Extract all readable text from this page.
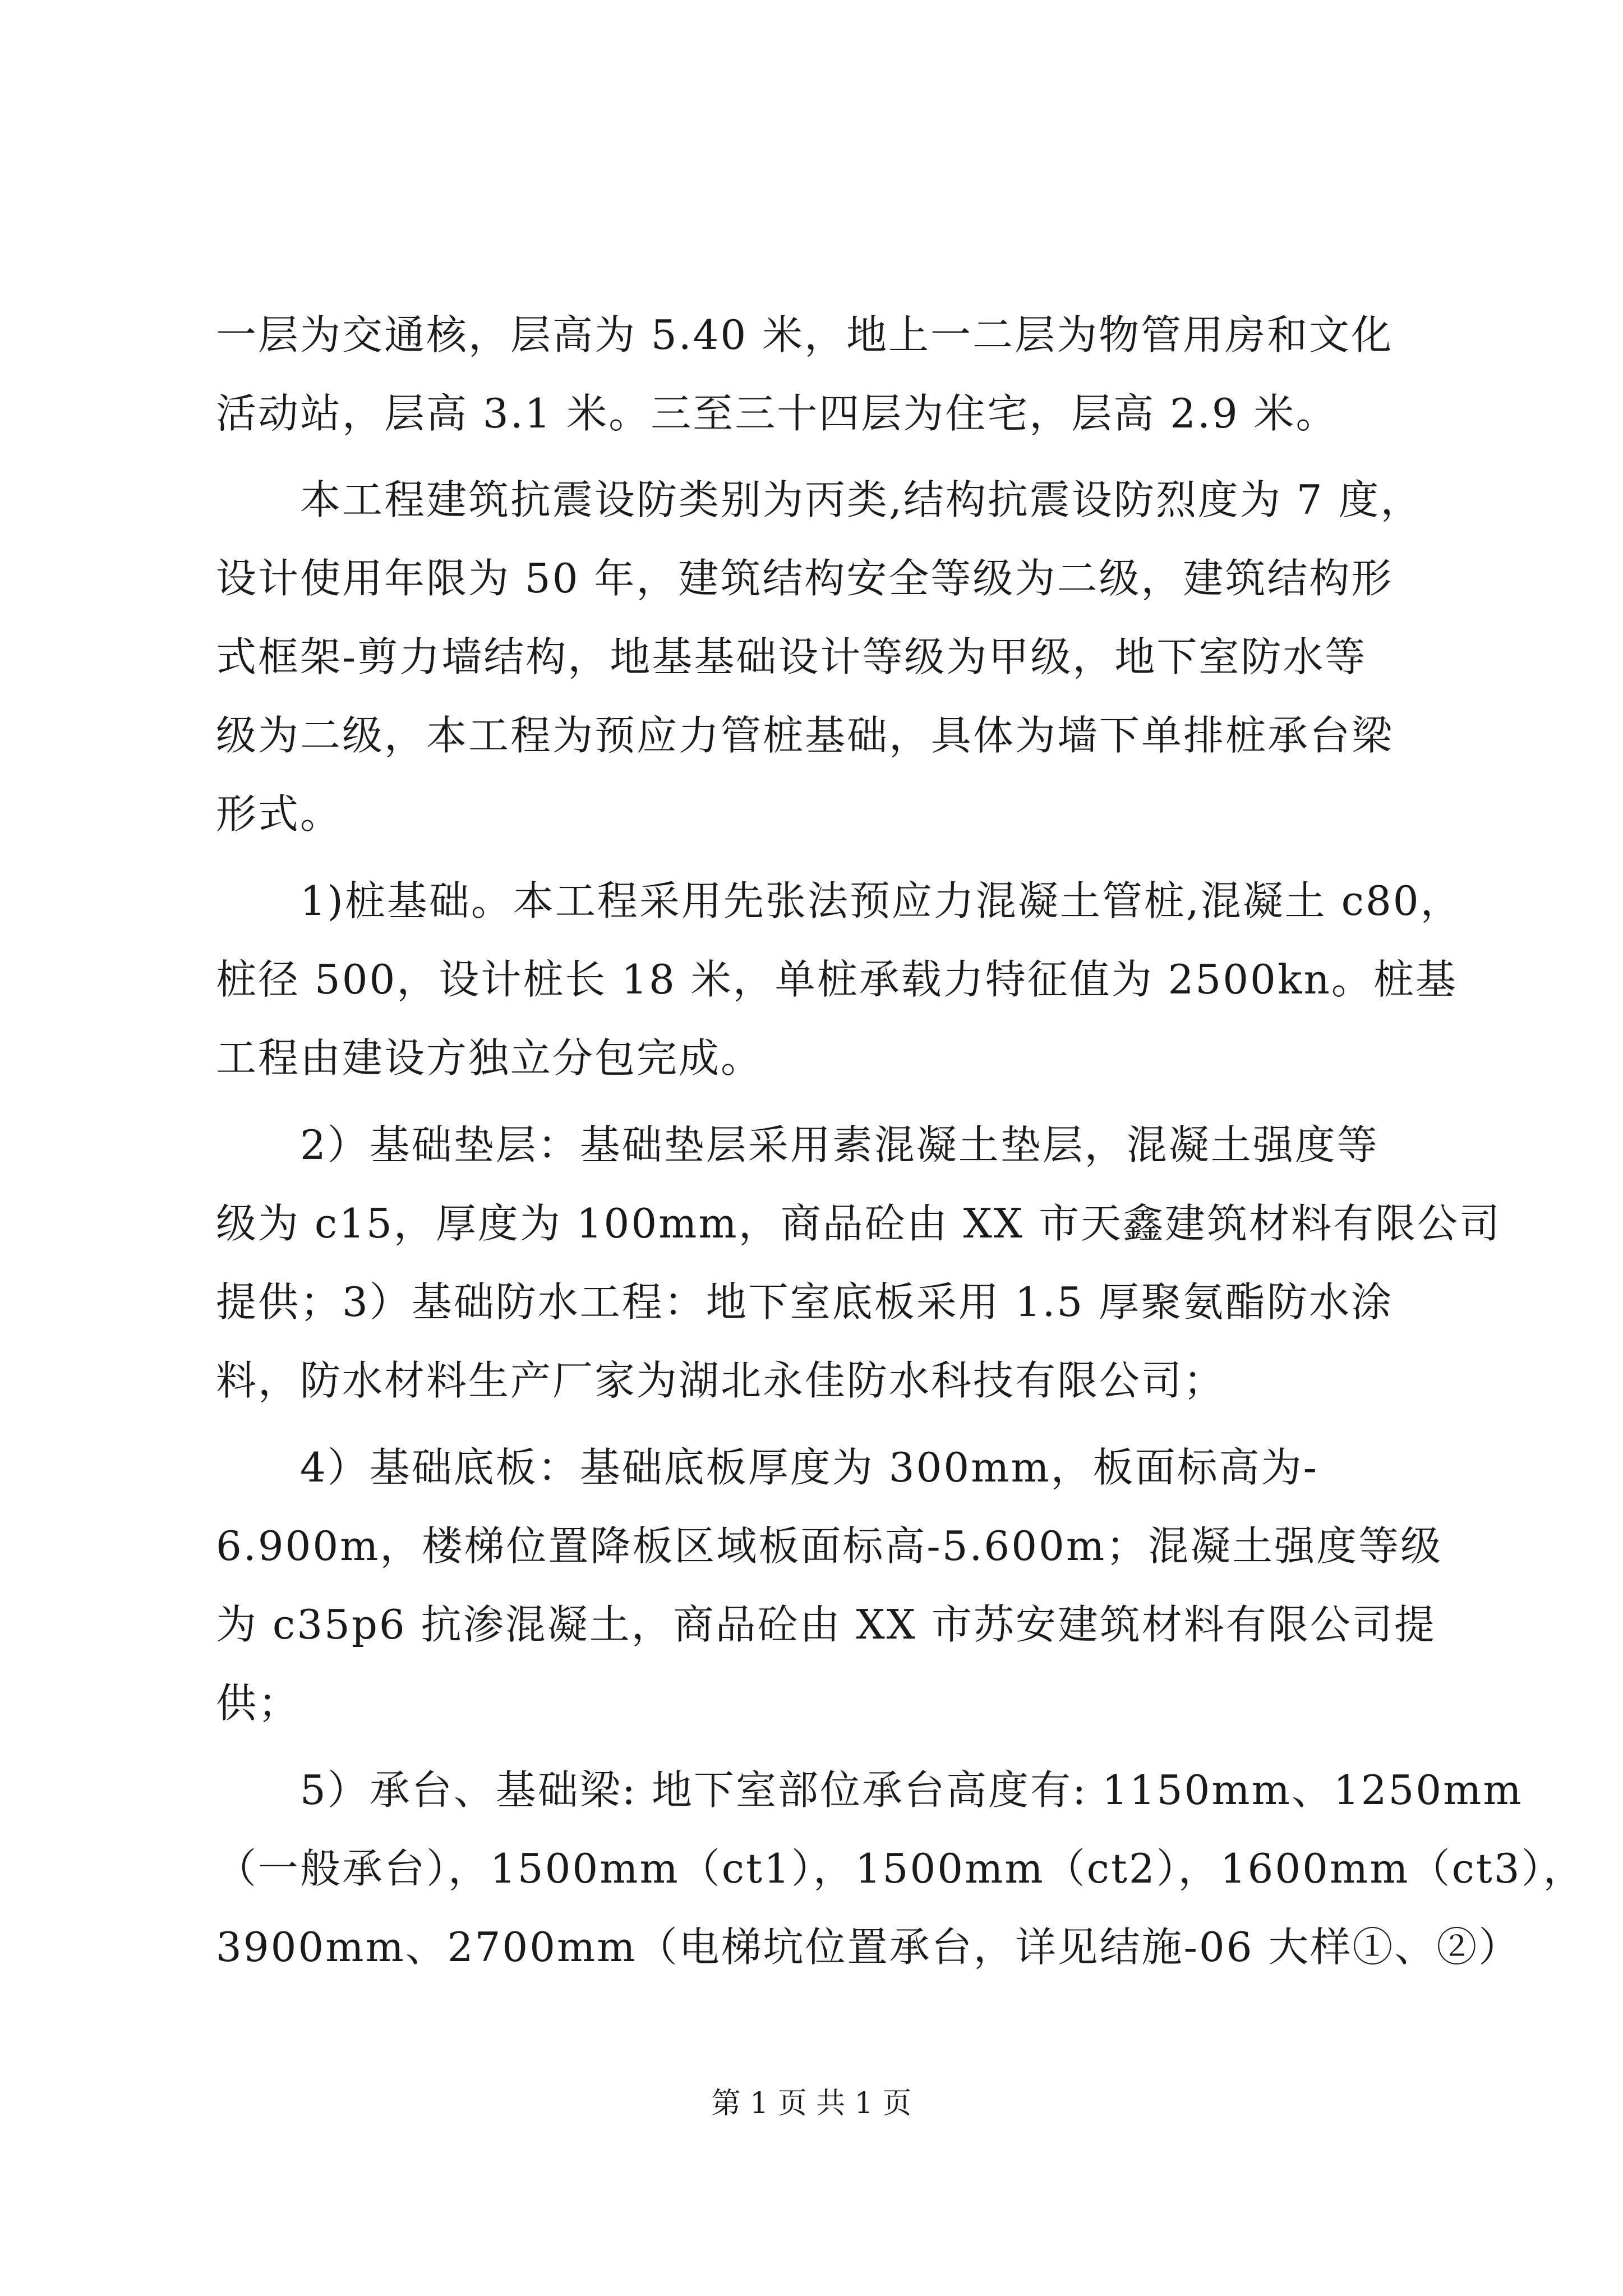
一层为交通核，层高为 5.40 米，地上一二层为物管用房和文化
活动站，层高 3.1 米。三至三十四层为住宅，层高 2.9 米。
本工程建筑抗震设防类别为丙类,结构抗震设防烈度为 7 度，
设计使用年限为 50 年，建筑结构安全等级为二级，建筑结构形
式框架-剪力墙结构，地基基础设计等级为甲级，地下室防水等
级为二级，本工程为预应力管桩基础，具体为墙下单排桩承台梁
形式。
1)桩基础。本工程采用先张法预应力混凝土管桩,混凝土 c80，
桩径 500，设计桩长 18 米，单桩承载力特征值为 2500kn。桩基
工程由建设方独立分包完成。
2）基础垫层：基础垫层采用素混凝土垫层，混凝土强度等
级为 c15，厚度为 100mm，商品砼由 XX 市天鑫建筑材料有限公司
提供；3）基础防水工程：地下室底板采用 1.5 厚聚氨酯防水涂
料，防水材料生产厂家为湖北永佳防水科技有限公司；
4）基础底板：基础底板厚度为 300mm，板面标高为-
6.900m，楼梯位置降板区域板面标高-5.600m；混凝土强度等级
为 c35p6 抗渗混凝土，商品砼由 XX 市苏安建筑材料有限公司提
供；
5）承台、基础梁: 地下室部位承台高度有: 1150mm、1250mm
（一般承台），1500mm（ct1），1500mm（ct2），1600mm（ct3），
3900mm、2700mm（电梯坑位置承台，详见结施-06 大样①、②）
第 1 页 共 1 页
